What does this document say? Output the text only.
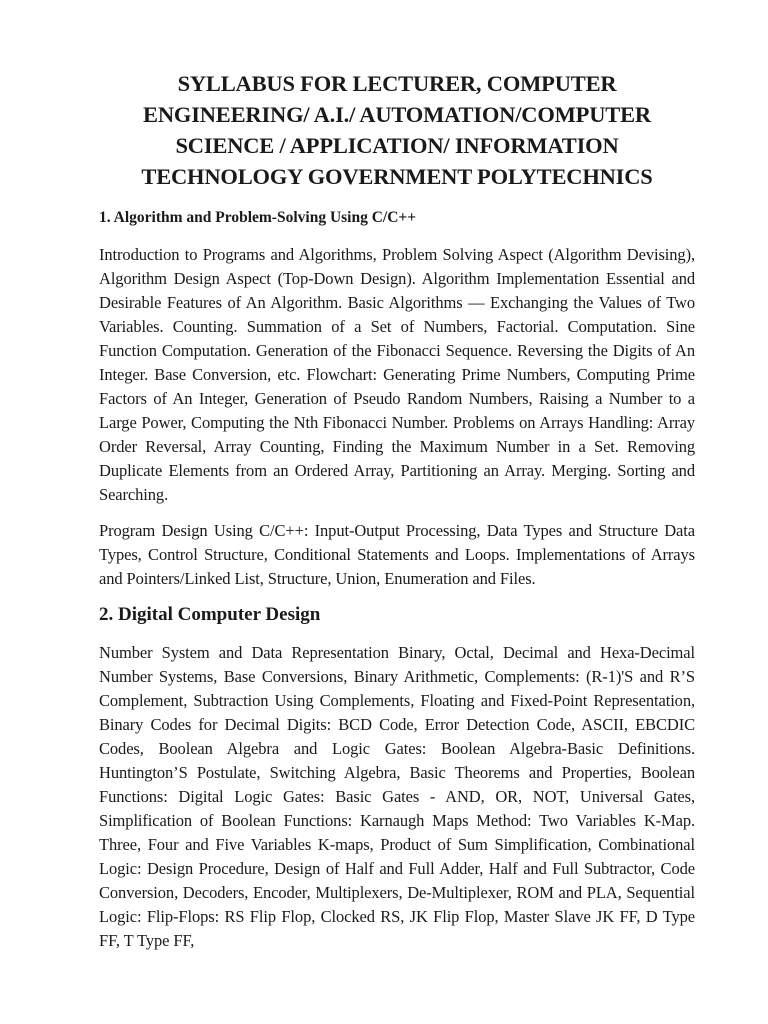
SYLLABUS FOR LECTURER, COMPUTER ENGINEERING/ A.I./ AUTOMATION/COMPUTER SCIENCE / APPLICATION/ INFORMATION TECHNOLOGY GOVERNMENT POLYTECHNICS
1. Algorithm and Problem-Solving Using C/C++

Introduction to Programs and Algorithms, Problem Solving Aspect (Algorithm Devising), Algorithm Design Aspect (Top-Down Design). Algorithm Implementation Essential and Desirable Features of An Algorithm. Basic Algorithms — Exchanging the Values of Two Variables. Counting. Summation of a Set of Numbers, Factorial. Computation. Sine Function Computation. Generation of the Fibonacci Sequence. Reversing the Digits of An Integer. Base Conversion, etc. Flowchart: Generating Prime Numbers, Computing Prime Factors of An Integer, Generation of Pseudo Random Numbers, Raising a Number to a Large Power, Computing the Nth Fibonacci Number. Problems on Arrays Handling: Array Order Reversal, Array Counting, Finding the Maximum Number in a Set. Removing Duplicate Elements from an Ordered Array, Partitioning an Array. Merging. Sorting and Searching.

Program Design Using C/C++: Input-Output Processing, Data Types and Structure Data Types, Control Structure, Conditional Statements and Loops. Implementations of Arrays and Pointers/Linked List, Structure, Union, Enumeration and Files.

2. Digital Computer Design

Number System and Data Representation Binary, Octal, Decimal and Hexa-Decimal Number Systems, Base Conversions, Binary Arithmetic, Complements: (R-1)'S and R’S Complement, Subtraction Using Complements, Floating and Fixed-Point Representation, Binary Codes for Decimal Digits: BCD Code, Error Detection Code, ASCII, EBCDIC Codes, Boolean Algebra and Logic Gates: Boolean Algebra-Basic Definitions. Huntington’S Postulate, Switching Algebra, Basic Theorems and Properties, Boolean Functions: Digital Logic Gates: Basic Gates - AND, OR, NOT, Universal Gates, Simplification of Boolean Functions: Karnaugh Maps Method: Two Variables K-Map. Three, Four and Five Variables K-maps, Product of Sum Simplification, Combinational Logic: Design Procedure, Design of Half and Full Adder, Half and Full Subtractor, Code Conversion, Decoders, Encoder, Multiplexers, De-Multiplexer, ROM and PLA, Sequential Logic: Flip-Flops: RS Flip Flop, Clocked RS, JK Flip Flop, Master Slave JK FF, D Type FF, T Type FF,
